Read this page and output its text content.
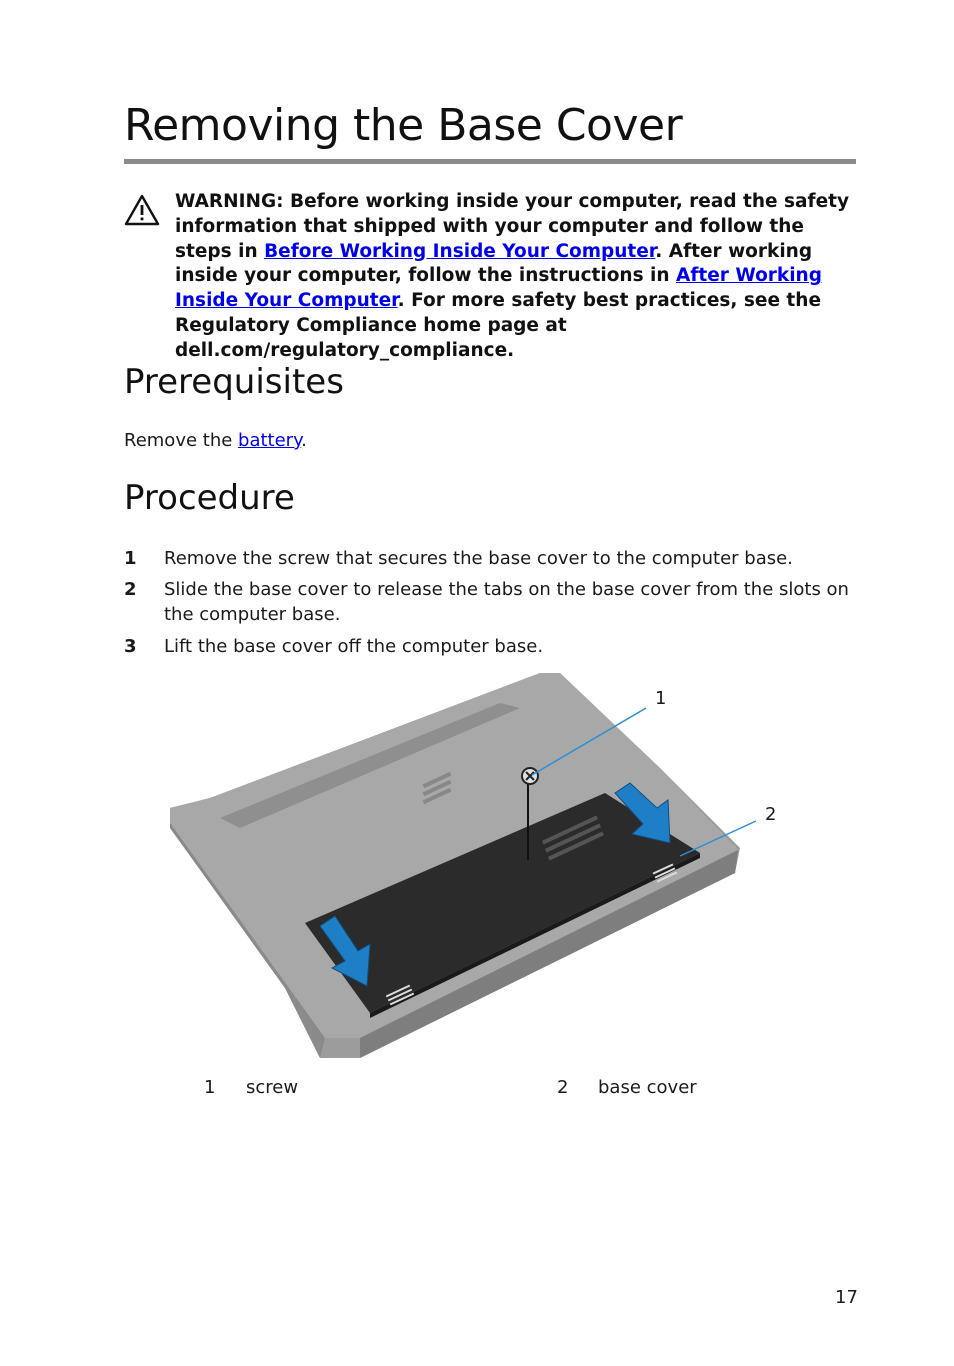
Removing the Base Cover
WARNING: Before working inside your computer, read the safety information that shipped with your computer and follow the steps in Before Working Inside Your Computer. After working inside your computer, follow the instructions in After Working Inside Your Computer. For more safety best practices, see the Regulatory Compliance home page at dell.com/regulatory_compliance.
Prerequisites
Remove the battery.
Procedure
1 Remove the screw that secures the base cover to the computer base.
2 Slide the base cover to release the tabs on the base cover from the slots on the computer base.
3 Lift the base cover off the computer base.
1
2
1 screw	2 base cover
17
